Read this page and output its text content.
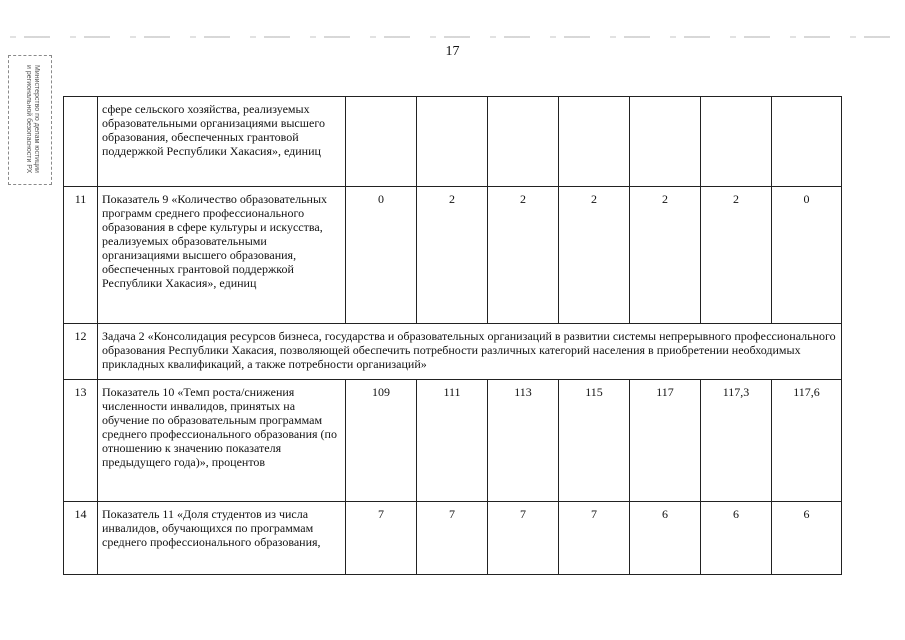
17
Министерство по делам юстиции и региональной безопасности РХ
		сфере сельского хозяйства, реализуемых образовательными организациями высшего образования, обеспеченных грантовой поддержкой Республики Хакасия», единиц							
11	Показатель 9 «Количество образовательных программ среднего профессионального образования в сфере культуры и искусства, реализуемых образовательными организациями высшего образования, обеспеченных грантовой поддержкой Республики Хакасия», единиц	0	2	2	2	2	2	0
12	Задача 2 «Консолидация ресурсов бизнеса, государства и образовательных организаций в развитии системы непрерывного профессионального образования Республики Хакасия, позволяющей обеспечить потребности различных категорий населения в приобретении необходимых прикладных квалификаций, а также потребности организаций»							
13	Показатель 10 «Темп роста/снижения численности инвалидов, принятых на обучение по образовательным программам среднего профессионального образования (по отношению к значению показателя предыдущего года)», процентов	109	111	113	115	117	117,3	117,6
14	Показатель 11 «Доля студентов из числа инвалидов, обучающихся по программам среднего профессионального образования,	7	7	7	7	6	6	6
